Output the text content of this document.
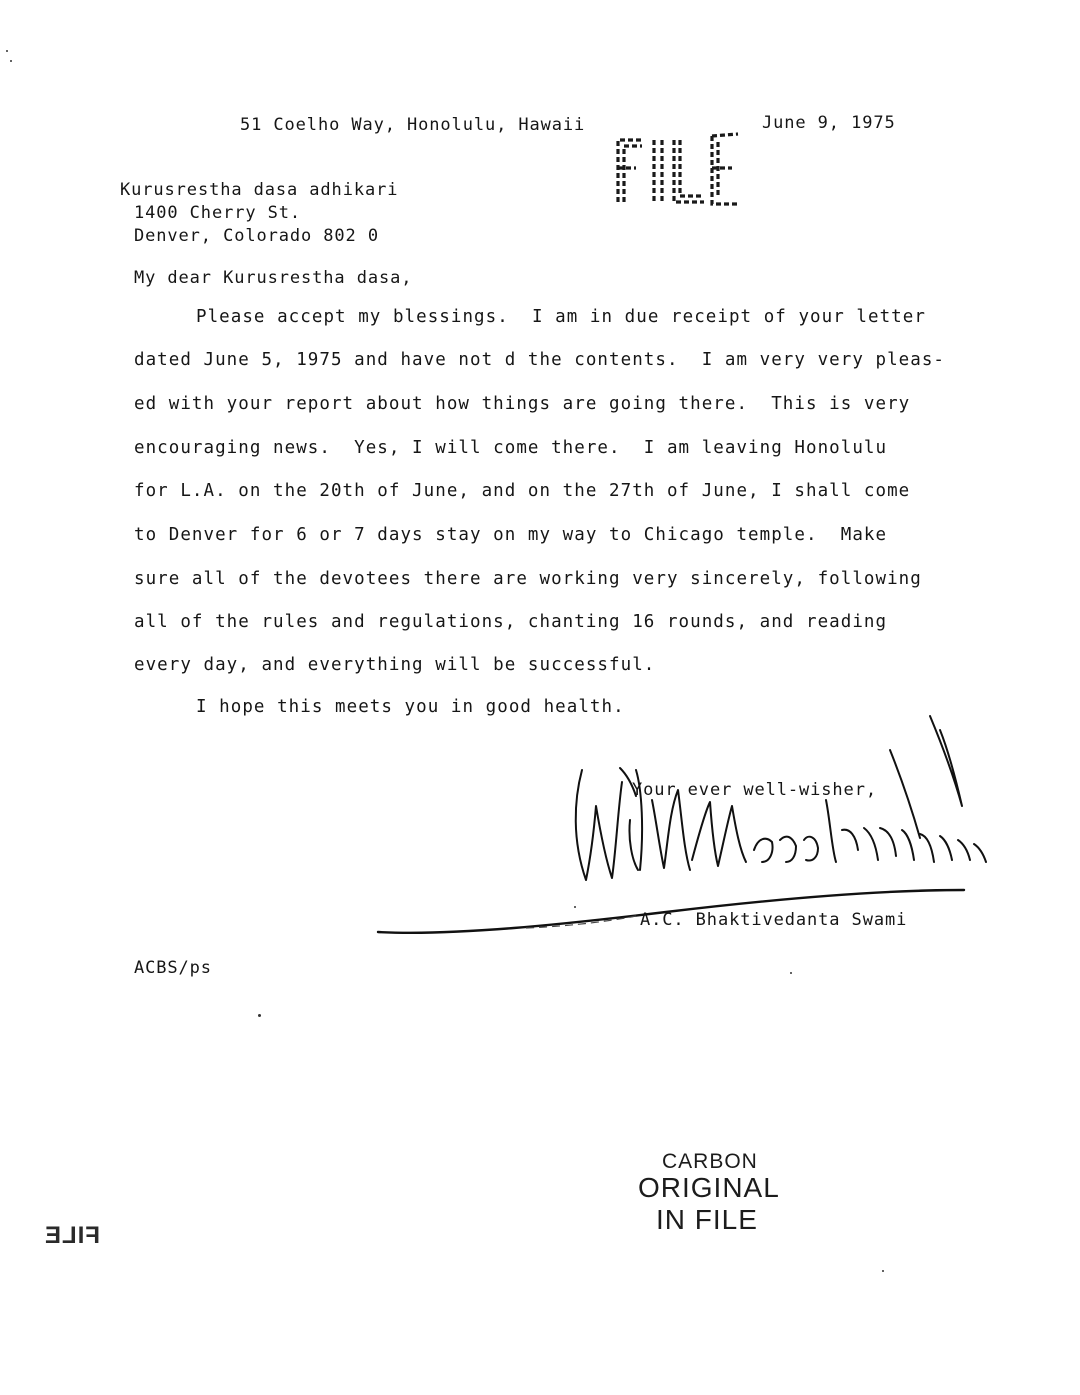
51 Coelho Way, Honolulu, Hawaii	June 9, 1975
FILE
Kurusrestha dasa adhikari
1400 Cherry St.
Denver, Colorado 802 0
My dear Kurusrestha dasa,
Please accept my blessings.  I am in due receipt of your letter
dated June 5, 1975 and have not d the contents.  I am very very pleas-
ed with your report about how things are going there.  This is very
encouraging news.  Yes, I will come there.  I am leaving Honolulu
for L.A. on the 20th of June, and on the 27th of June, I shall come
to Denver for 6 or 7 days stay on my way to Chicago temple.  Make
sure all of the devotees there are working very sincerely, following
all of the rules and regulations, chanting 16 rounds, and reading
every day, and everything will be successful.
I hope this meets you in good health.
Your ever well-wisher,
A.C. Bhaktivedanta Swami
ACBS/ps
CARBON
ORIGINAL
IN FILE
FILE
